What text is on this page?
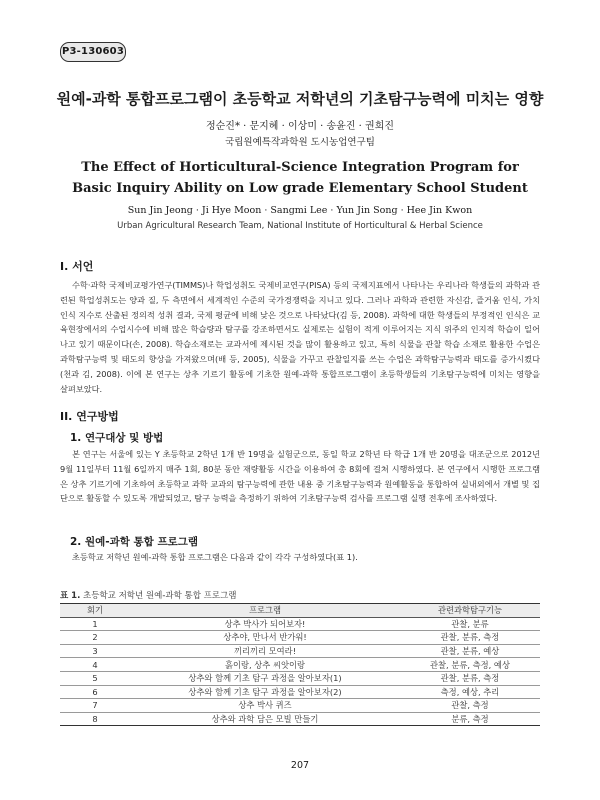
P3-130603
원예-과학 통합프로그램이 초등학교 저학년의 기초탐구능력에 미치는 영향
정순진* · 문지혜 · 이상미 · 송윤진 · 권희진
국립원예특작과학원 도시농업연구팀
The Effect of Horticultural-Science Integration Program for Basic Inquiry Ability on Low grade Elementary School Student
Sun Jin Jeong · Ji Hye Moon · Sangmi Lee · Yun Jin Song · Hee Jin Kwon
Urban Agricultural Research Team, National Institute of Horticultural & Herbal Science
I. 서언

수학·과학 국제비교평가연구(TIMMS)나 학업성취도 국제비교연구(PISA) 등의 국제지표에서 나타나는 우리나라 학생들의 과학과 관련된 학업성취도는 양과 질, 두 측면에서 세계적인 수준의 국가경쟁력을 지니고 있다. 그러나 과학과 관련한 자신감, 즐거움 인식, 가치 인식 지수로 산출된 정의적 성취 결과, 국제 평균에 비해 낮은 것으로 나타났다(김 등, 2008). 과학에 대한 학생들의 부정적인 인식은 교육현장에서의 수업시수에 비해 많은 학습량과 탐구를 강조하면서도 실제로는 실험이 적게 이루어지는 지식 위주의 인지적 학습이 일어나고 있기 때문이다(손, 2008). 학습소재로는 교과서에 제시된 것을 많이 활용하고 있고, 특히 식물을 관찰 학습 소재로 활용한 수업은 과학탐구능력 및 태도의 향상을 가져왔으며(배 등, 2005), 식물을 가꾸고 관찰일지를 쓰는 수업은 과학탐구능력과 태도를 증가시켰다(천과 김, 2008). 이에 본 연구는 상추 기르기 활동에 기초한 원예-과학 통합프로그램이 초등학생들의 기초탐구능력에 미치는 영향을 살펴보았다.

II. 연구방법
1. 연구대상 및 방법

본 연구는 서울에 있는 Y 초등학교 2학년 1개 반 19명을 실험군으로, 동일 학교 2학년 타 학급 1개 반 20명을 대조군으로 2012년 9월 11일부터 11월 6일까지 매주 1회, 80분 동안 재량활동 시간을 이용하여 총 8회에 걸쳐 시행하였다. 본 연구에서 시행한 프로그램은 상추 기르기에 기초하여 초등학교 과학 교과의 탐구능력에 관한 내용 중 기초탐구능력과 원예활동을 통합하여 실내외에서 개별 및 집단으로 활동할 수 있도록 개발되었고, 탐구 능력을 측정하기 위하여 기초탐구능력 검사를 프로그램 실행 전후에 조사하였다.

2. 원예-과학 통합 프로그램

초등학교 저학년 원예-과학 통합 프로그램은 다음과 같이 각각 구성하였다(표 1).

표 1. 초등학교 저학년 원예-과학 통합 프로그램
회기	프로그램	관련과학탐구기능
1	상추 박사가 되어보자!	관찰, 분류
2	상추야, 만나서 반가워!	관찰, 분류, 측정
3	끼리끼리 모여라!	관찰, 분류, 예상
4	흙이랑, 상추 씨앗이랑	관찰, 분류, 측정, 예상
5	상추와 함께 기초 탐구 과정을 알아보자(1)	관찰, 분류, 측정
6	상추와 함께 기초 탐구 과정을 알아보자(2)	측정, 예상, 추리
7	상추 박사 퀴즈	관찰, 측정
8	상추와 과학 담은 모빌 만들기	분류, 측정
207
